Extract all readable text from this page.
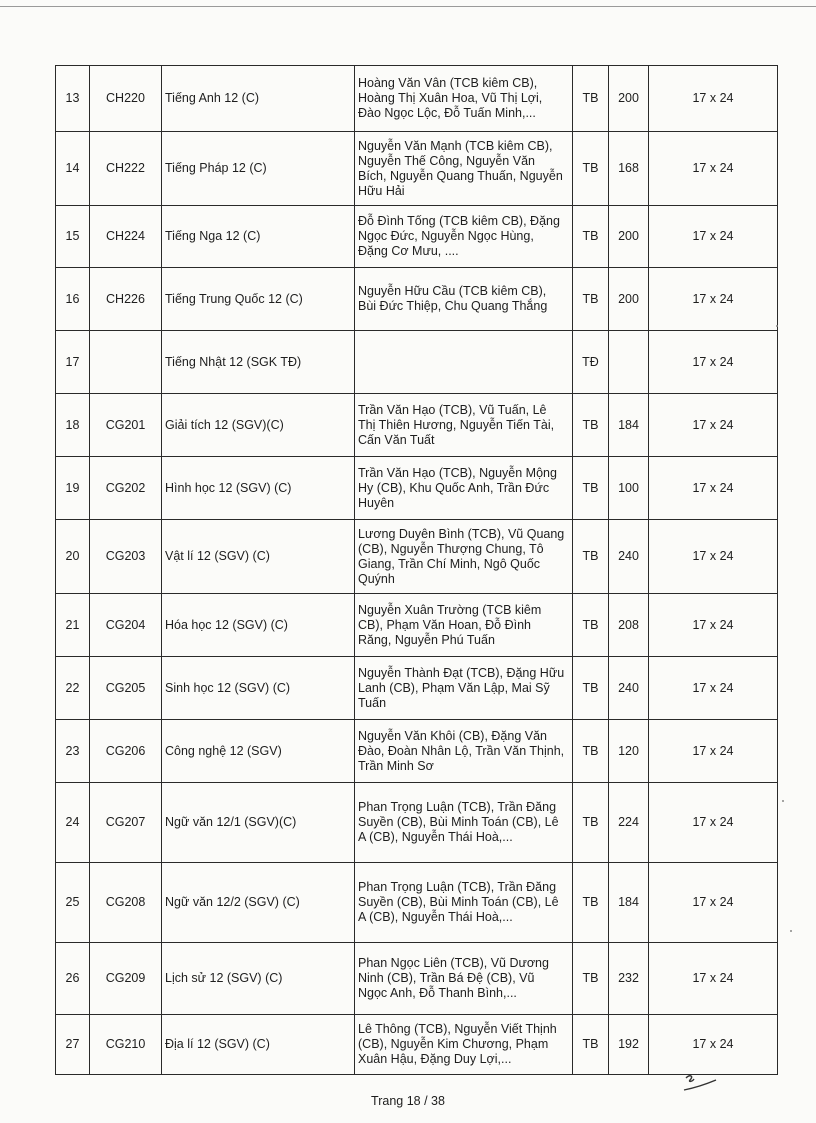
13	CH220	Tiếng Anh 12 (C)	Hoàng Văn Vân (TCB kiêm CB),
Hoàng Thị Xuân Hoa, Vũ Thị Lợi,
Đào Ngọc Lộc, Đỗ Tuấn Minh,...	TB	200	17 x 24
14	CH222	Tiếng Pháp 12 (C)	Nguyễn Văn Mạnh (TCB kiêm CB),
Nguyễn Thế Công, Nguyễn Văn
Bích, Nguyễn Quang Thuấn, Nguyễn
Hữu Hải	TB	168	17 x 24
15	CH224	Tiếng Nga 12 (C)	Đỗ Đình Tống (TCB kiêm CB), Đặng
Ngọc Đức, Nguyễn Ngọc Hùng,
Đặng Cơ Mưu, ....	TB	200	17 x 24
16	CH226	Tiếng Trung Quốc 12 (C)	Nguyễn Hữu Cầu (TCB kiêm CB),
Bùi Đức Thiệp, Chu Quang Thắng	TB	200	17 x 24
17		Tiếng Nhật 12 (SGK TĐ)		TĐ		17 x 24
18	CG201	Giải tích 12 (SGV)(C)	Trần Văn Hạo (TCB), Vũ Tuấn, Lê
Thị Thiên Hương, Nguyễn Tiến Tài,
Cấn Văn Tuất	TB	184	17 x 24
19	CG202	Hình học 12 (SGV) (C)	Trần Văn Hạo (TCB), Nguyễn Mộng
Hy (CB), Khu Quốc Anh, Trần Đức
Huyên	TB	100	17 x 24
20	CG203	Vật lí 12 (SGV) (C)	Lương Duyên Bình (TCB), Vũ Quang
(CB), Nguyễn Thượng Chung, Tô
Giang, Trần Chí Minh, Ngô Quốc
Quýnh	TB	240	17 x 24
21	CG204	Hóa học 12 (SGV) (C)	Nguyễn Xuân Trường (TCB kiêm
CB), Phạm Văn Hoan, Đỗ Đình
Răng, Nguyễn Phú Tuấn	TB	208	17 x 24
22	CG205	Sinh học 12 (SGV) (C)	Nguyễn Thành Đạt (TCB), Đặng Hữu
Lanh (CB), Phạm Văn Lập, Mai Sỹ
Tuấn	TB	240	17 x 24
23	CG206	Công nghệ 12 (SGV)	Nguyễn Văn Khôi (CB), Đặng Văn
Đào, Đoàn Nhân Lộ, Trần Văn Thịnh,
Trần Minh Sơ	TB	120	17 x 24
24	CG207	Ngữ văn 12/1 (SGV)(C)	Phan Trọng Luận (TCB), Trần Đăng
Suyền (CB), Bùi Minh Toán (CB), Lê
A (CB), Nguyễn Thái Hoà,...	TB	224	17 x 24
25	CG208	Ngữ văn 12/2 (SGV) (C)	Phan Trọng Luận (TCB), Trần Đăng
Suyền (CB), Bùi Minh Toán (CB), Lê
A (CB), Nguyễn Thái Hoà,...	TB	184	17 x 24
26	CG209	Lịch sử 12 (SGV) (C)	Phan Ngọc Liên (TCB), Vũ Dương
Ninh (CB), Trần Bá Đệ (CB), Vũ
Ngọc Anh, Đỗ Thanh Bình,...	TB	232	17 x 24
27	CG210	Địa lí 12 (SGV) (C)	Lê Thông (TCB), Nguyễn Viết Thịnh
(CB), Nguyễn Kim Chương, Phạm
Xuân Hậu, Đặng Duy Lợi,...	TB	192	17 x 24
Trang 18 / 38
